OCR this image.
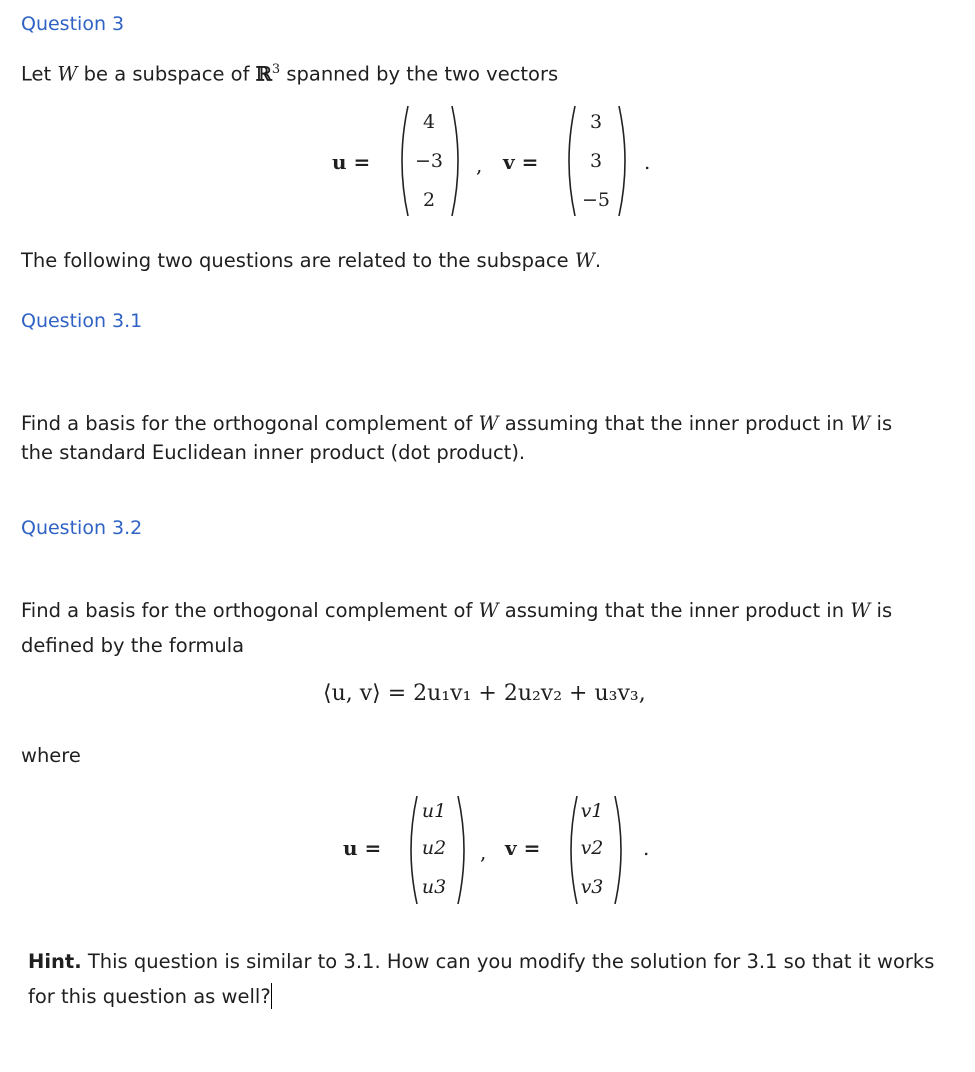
Question 3
Let W be a subspace of ℝ$^3$ spanned by the two vectors
u =
4
−3
2
, v =
3
3
−5
.
The following two questions are related to the subspace W.
Question 3.1
Find a basis for the orthogonal complement of W assuming that the inner product in W is
the standard Euclidean inner product (dot product).
Question 3.2
Find a basis for the orthogonal complement of W assuming that the inner product in W is
defined by the formula
⟨u, v⟩ = 2u₁v₁ + 2u₂v₂ + u₃v₃,
where
u =
u1
u2
u3
, v =
v1
v2
v3
.
Hint. This question is similar to 3.1. How can you modify the solution for 3.1 so that it works
for this question as well?
